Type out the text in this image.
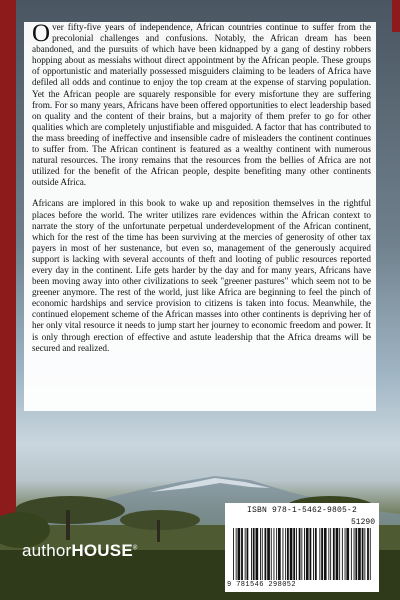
Over fifty-five years of independence, African countries continue to suffer from the precolonial challenges and confusions. Notably, the African dream has been abandoned, and the pursuits of which have been kidnapped by a gang of destiny robbers hopping about as messiahs without direct appointment by the African people. These groups of opportunistic and materially possessed misguiders claiming to be leaders of Africa have defiled all odds and continue to enjoy the top cream at the expense of starving population. Yet the African people are squarely responsible for every misfortune they are suffering from. For so many years, Africans have been offered opportunities to elect leadership based on quality and the content of their brains, but a majority of them prefer to go for other qualities which are completely unjustifiable and misguided. A factor that has contributed to the mass breeding of ineffective and insensible cadre of misleaders the continent continues to suffer from. The African continent is featured as a wealthy continent with numerous natural resources. The irony remains that the resources from the bellies of Africa are not utilized for the benefit of the African people, despite benefiting many other continents outside Africa.

Africans are implored in this book to wake up and reposition themselves in the rightful places before the world. The writer utilizes rare evidences within the African context to narrate the story of the unfortunate perpetual underdevelopment of the African continent, which for the rest of the time has been surviving at the mercies of generosity of other tax payers in most of her sustenance, but even so, management of the generously acquired support is lacking with several accounts of theft and looting of public resources reported every day in the continent. Life gets harder by the day and for many years, Africans have been moving away into other civilizations to seek "greener pastures" which seem not to be greener anymore. The rest of the world, just like Africa are beginning to feel the pinch of economic hardships and service provision to citizens is taken into focus. Meanwhile, the continued elopement scheme of the African masses into other continents is depriving her of her only vital resource it needs to jump start her journey to economic freedom and power. It is only through erection of effective and astute leadership that the Africa dreams will be secured and realized.

ISBN 978-1-5462-9805-2
51290
9 781546 298052
authorHOUSE®
